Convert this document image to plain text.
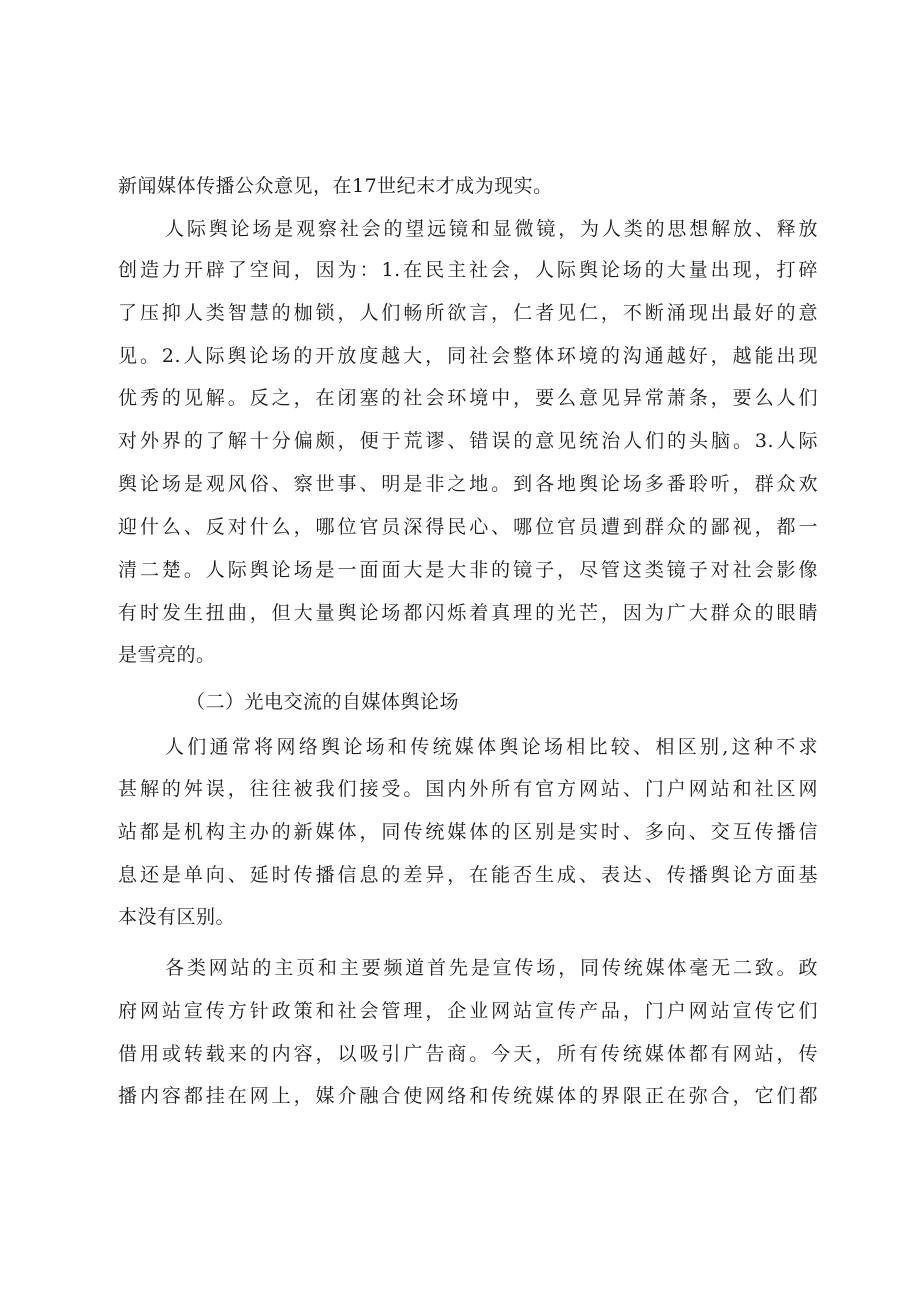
新闻媒体传播公众意见，在17世纪末才成为现实。
人际舆论场是观察社会的望远镜和显微镜，为人类的思想解放、释放
创造力开辟了空间，因为：1.在民主社会，人际舆论场的大量出现，打碎
了压抑人类智慧的枷锁，人们畅所欲言，仁者见仁，不断涌现出最好的意
见。2.人际舆论场的开放度越大，同社会整体环境的沟通越好，越能出现
优秀的见解。反之，在闭塞的社会环境中，要么意见异常萧条，要么人们
对外界的了解十分偏颇，便于荒谬、错误的意见统治人们的头脑。3.人际
舆论场是观风俗、察世事、明是非之地。到各地舆论场多番聆听，群众欢
迎什么、反对什么，哪位官员深得民心、哪位官员遭到群众的鄙视，都一
清二楚。人际舆论场是一面面大是大非的镜子，尽管这类镜子对社会影像
有时发生扭曲，但大量舆论场都闪烁着真理的光芒，因为广大群众的眼睛
是雪亮的。
（二）光电交流的自媒体舆论场
人们通常将网络舆论场和传统媒体舆论场相比较、相区别,这种不求
甚解的舛误，往往被我们接受。国内外所有官方网站、门户网站和社区网
站都是机构主办的新媒体，同传统媒体的区别是实时、多向、交互传播信
息还是单向、延时传播信息的差异，在能否生成、表达、传播舆论方面基
本没有区别。
各类网站的主页和主要频道首先是宣传场，同传统媒体毫无二致。政
府网站宣传方针政策和社会管理，企业网站宣传产品，门户网站宣传它们
借用或转载来的内容，以吸引广告商。今天，所有传统媒体都有网站，传
播内容都挂在网上，媒介融合使网络和传统媒体的界限正在弥合，它们都
